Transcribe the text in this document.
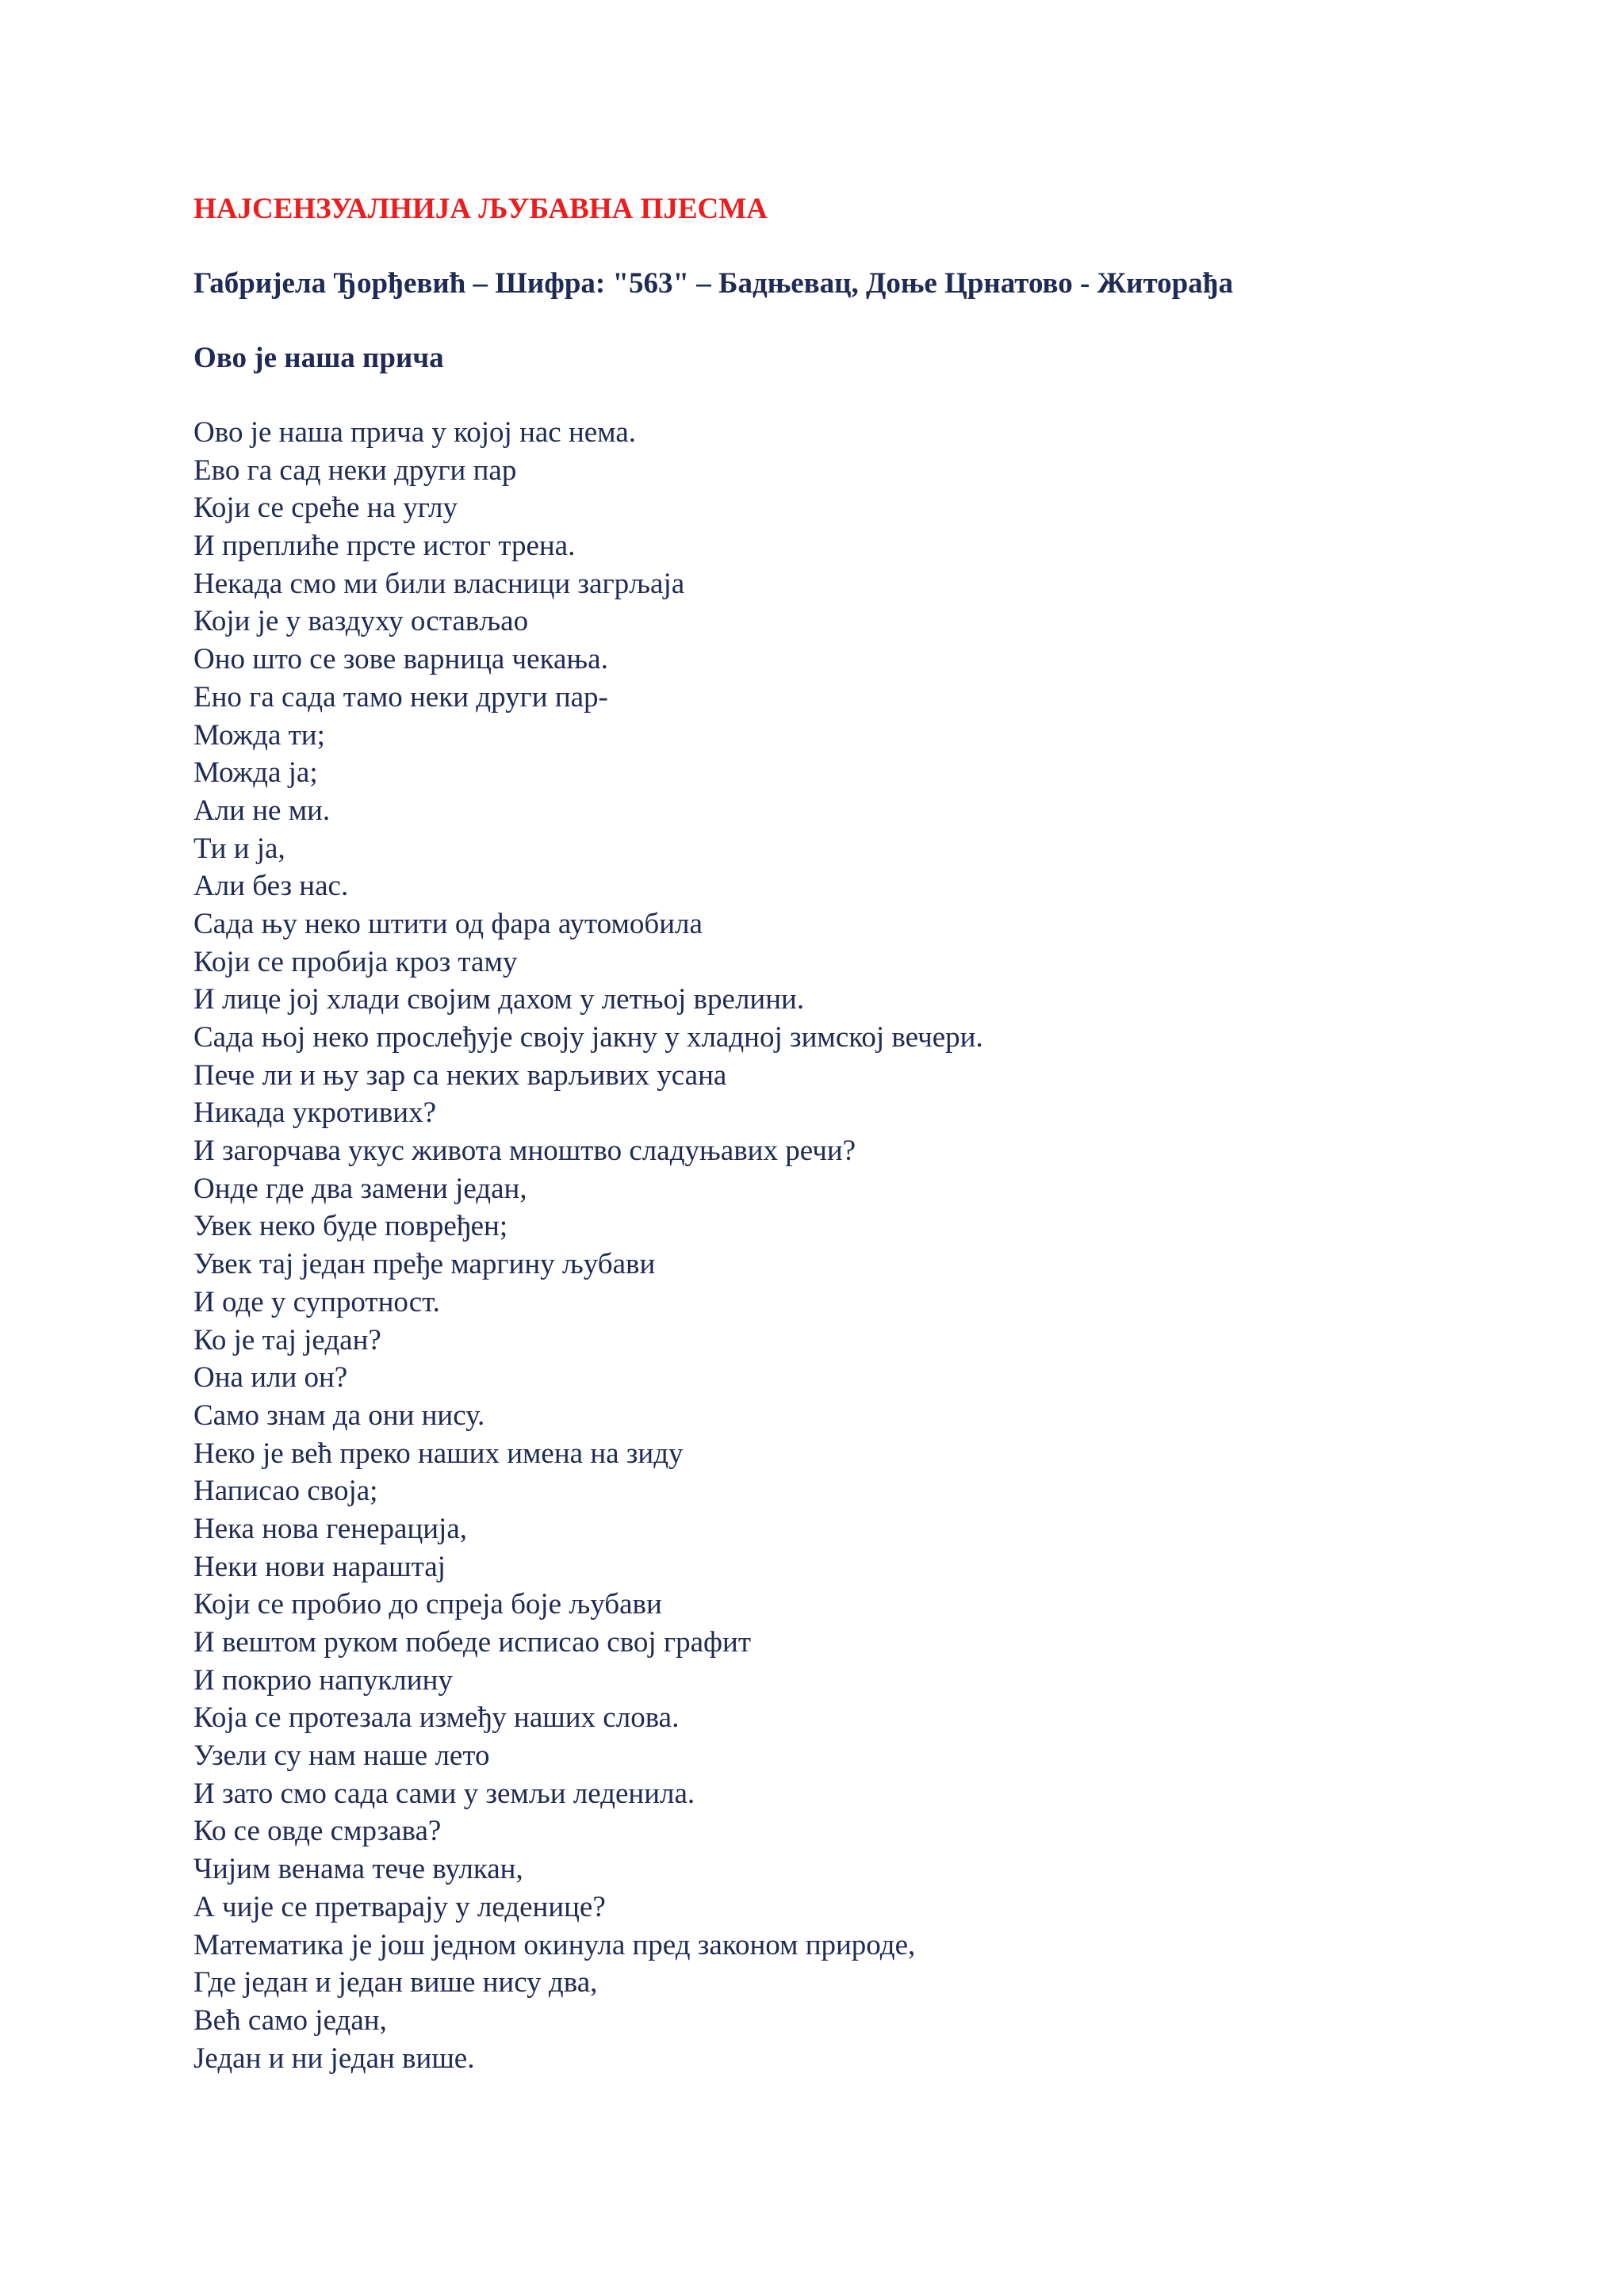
НАЈСЕНЗУАЛНИЈА ЉУБАВНА ПЈЕСМА

Габријела Ђорђевић – Шифра: "563" – Бадњевац, Доње Црнатово - Житорађа

Ово је наша прича

Ово је наша прича у којој нас нема.
Ево га сад неки други пар
Који се среће на углу
И преплиће прсте истог трена.
Некада смо ми били власници загрљаја
Који је у ваздуху остављао
Оно што се зове варница чекања.
Ено га сада тамо неки други пар-
Можда ти;
Можда ја;
Али не ми.
Ти и ја,
Али без нас.
Сада њу неко штити од фара аутомобила
Који се пробија кроз таму
И лице јој хлади својим дахом у летњој врелини.
Сада њој неко прослеђује своју јакну у хладној зимској вечери.
Пече ли и њу зар са неких варљивих усана
Никада укротивих?
И загорчава укус живота мноштво сладуњавих речи?
Онде где два замени један,
Увек неко буде повређен;
Увек тај један пређе маргину љубави
И оде у супротност.
Ко је тај један?
Она или он?
Само знам да они нису.
Неко је већ преко наших имена на зиду
Написао своја;
Нека нова генерација,
Неки нови нараштај
Који се пробио до спреја боје љубави
И вештом руком победе исписао свој графит
И покрио напуклину
Која се протезала између наших слова.
Узели су нам наше лето
И зато смо сада сами у земљи леденила.
Ко се овде смрзава?
Чијим венама тече вулкан,
А чије се претварају у леденице?
Математика је још једном окинула пред законом природе,
Где један и један више нису два,
Већ само један,
Један и ни један више.
